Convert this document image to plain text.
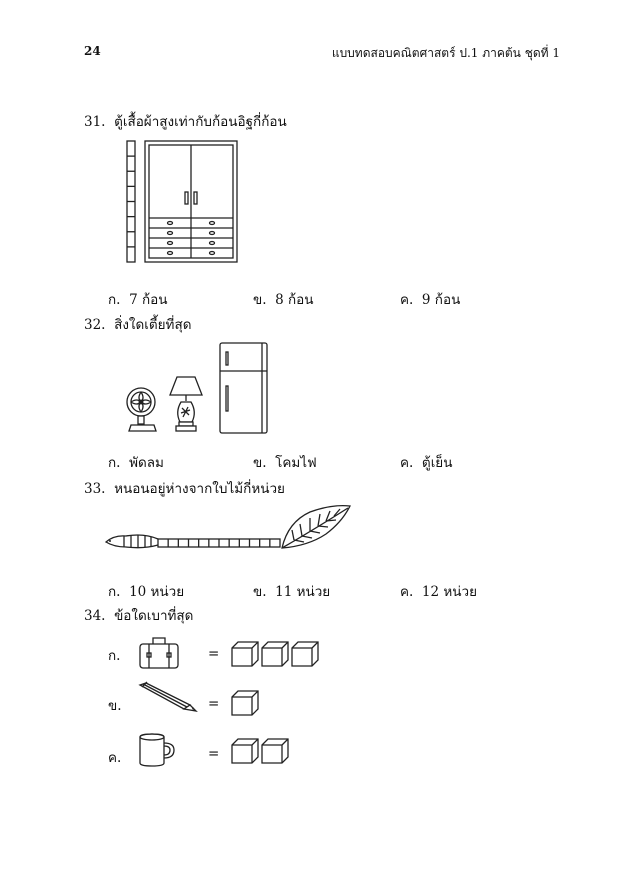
24	แบบทดสอบคณิตศาสตร์ ป.1 ภาคต้น ชุดที่ 1
31. ตู้เสื้อผ้าสูงเท่ากับก้อนอิฐกี่ก้อน
ก. 7 ก้อน	ข. 8 ก้อน	ค. 9 ก้อน
32. สิ่งใดเตี้ยที่สุด
ก. พัดลม	ข. โคมไฟ	ค. ตู้เย็น
33. หนอนอยู่ห่างจากใบไม้กี่หน่วย
ก. 10 หน่วย	ข. 11 หน่วย	ค. 12 หน่วย
34. ข้อใดเบาที่สุด
ก.	=
ข.	=
ค.	=
